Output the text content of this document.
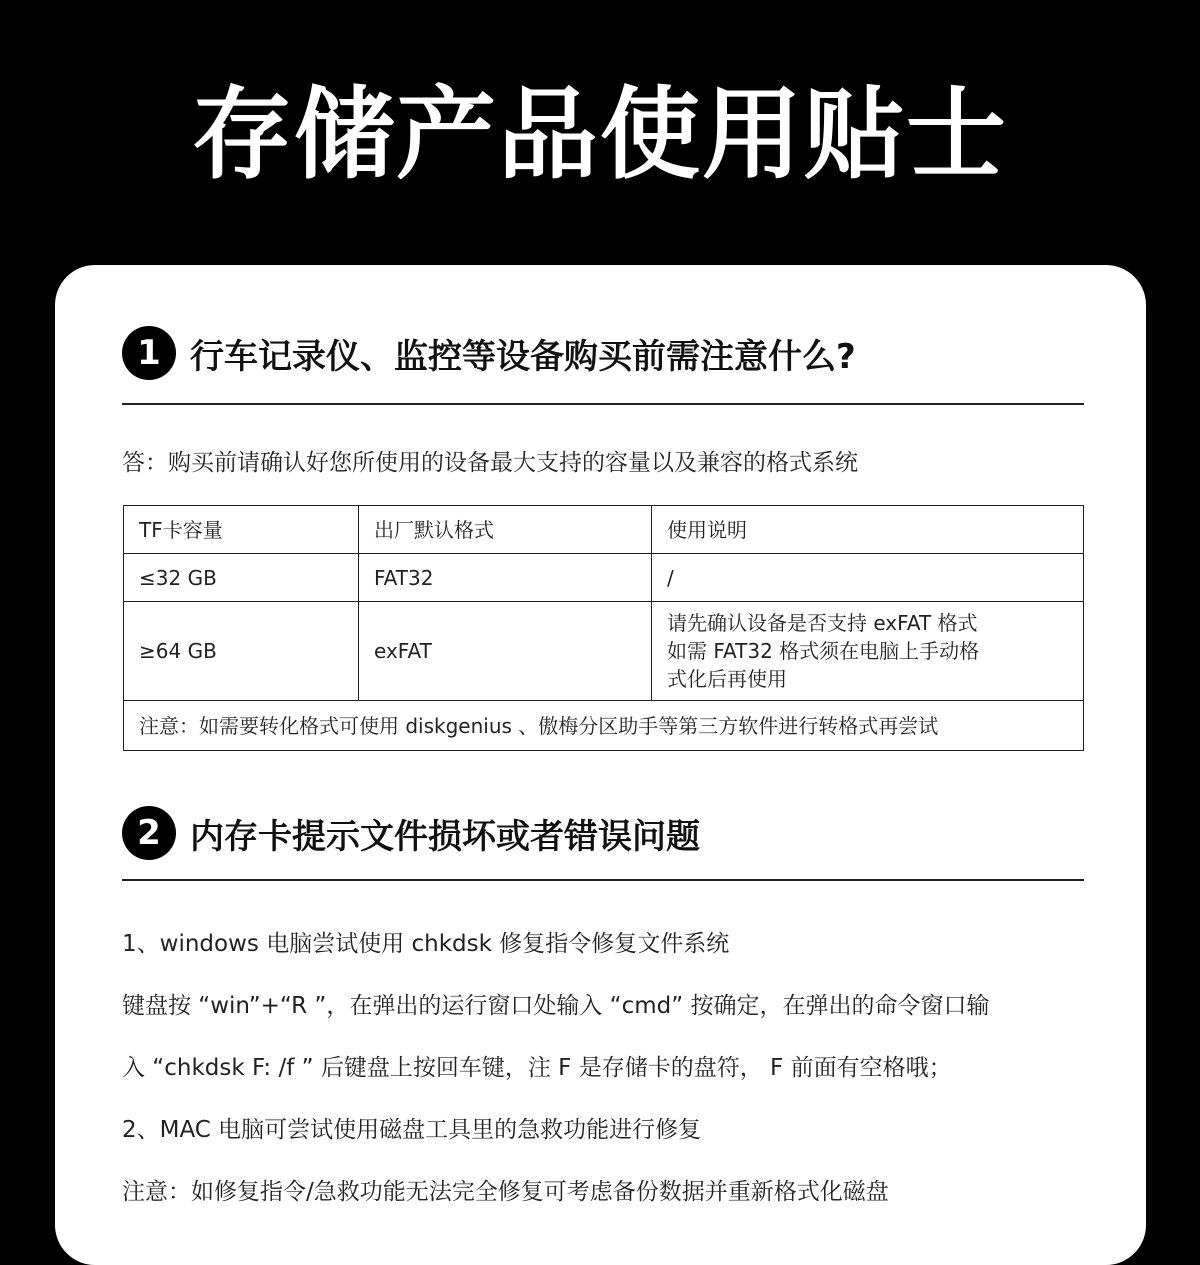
存储产品使用贴士
1 行车记录仪、监控等设备购买前需注意什么?
答：购买前请确认好您所使用的设备最大支持的容量以及兼容的格式系统
TF卡容量	出厂默认格式	使用说明
≤32 GB	FAT32	/
≥64 GB	exFAT	请先确认设备是否支持 exFAT 格式
如需 FAT32 格式须在电脑上手动格
式化后再使用

注意：如需要转化格式可使用 diskgenius 、傲梅分区助手等第三方软件进行转格式再尝试		
2 内存卡提示文件损坏或者错误问题
1、windows 电脑尝试使用 chkdsk 修复指令修复文件系统
键盘按 “win”+“R ”，在弹出的运行窗口处输入 “cmd” 按确定，在弹出的命令窗口输
入 “chkdsk F: /f ” 后键盘上按回车键，注 F 是存储卡的盘符， F 前面有空格哦；
2、MAC 电脑可尝试使用磁盘工具里的急救功能进行修复
注意：如修复指令/急救功能无法完全修复可考虑备份数据并重新格式化磁盘
